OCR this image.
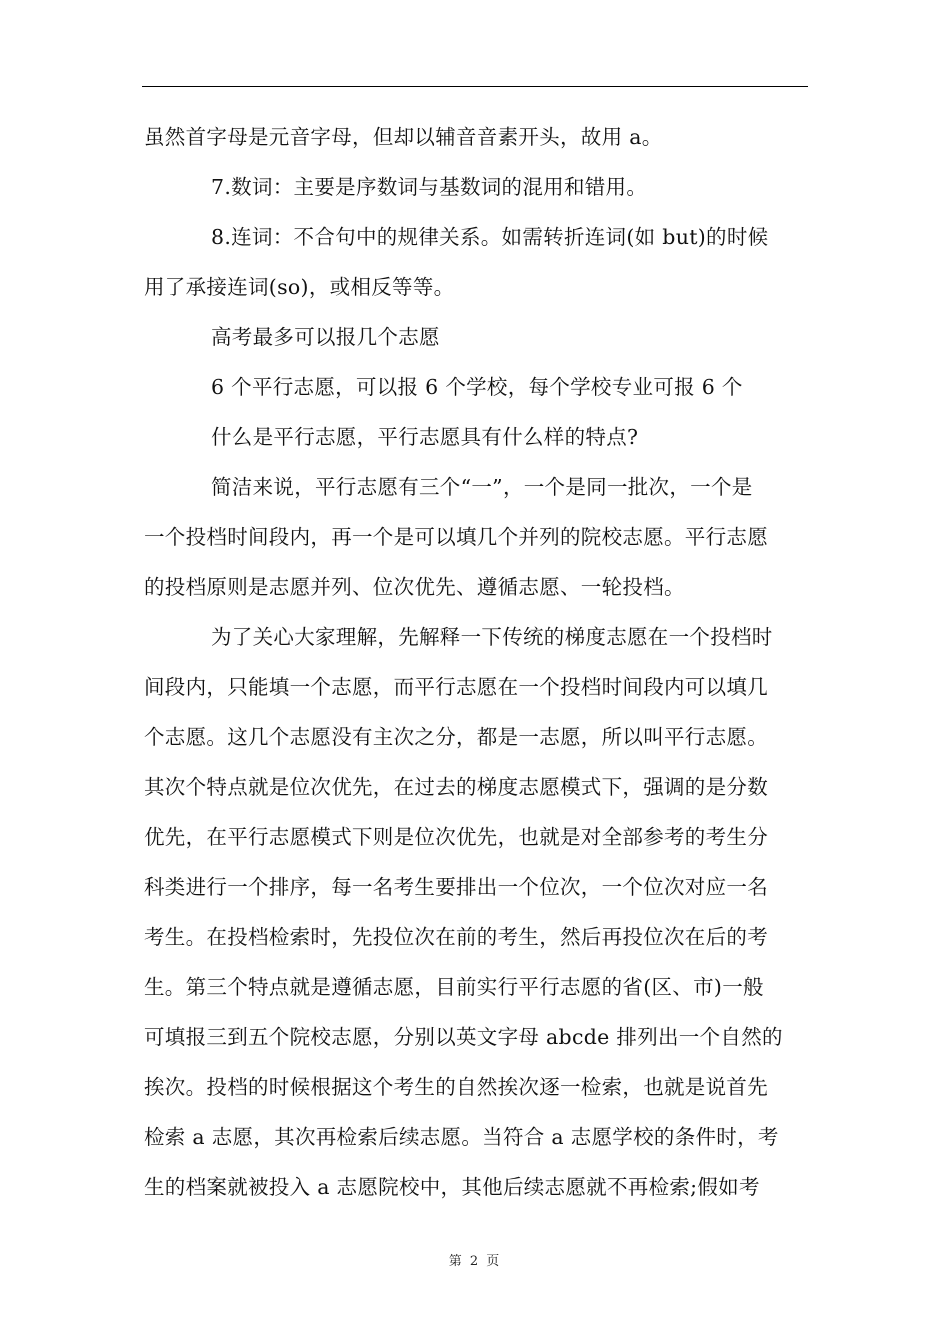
虽然首字母是元音字母，但却以辅音音素开头，故用 a。
7.数词：主要是序数词与基数词的混用和错用。
8.连词：不合句中的规律关系。如需转折连词(如 but)的时候
用了承接连词(so)，或相反等等。
高考最多可以报几个志愿
6 个平行志愿，可以报 6 个学校，每个学校专业可报 6 个
什么是平行志愿，平行志愿具有什么样的特点?
简洁来说，平行志愿有三个“一”，一个是同一批次，一个是
一个投档时间段内，再一个是可以填几个并列的院校志愿。平行志愿
的投档原则是志愿并列、位次优先、遵循志愿、一轮投档。
为了关心大家理解，先解释一下传统的梯度志愿在一个投档时
间段内，只能填一个志愿，而平行志愿在一个投档时间段内可以填几
个志愿。这几个志愿没有主次之分，都是一志愿，所以叫平行志愿。
其次个特点就是位次优先，在过去的梯度志愿模式下，强调的是分数
优先，在平行志愿模式下则是位次优先，也就是对全部参考的考生分
科类进行一个排序，每一名考生要排出一个位次，一个位次对应一名
考生。在投档检索时，先投位次在前的考生，然后再投位次在后的考
生。第三个特点就是遵循志愿，目前实行平行志愿的省(区、市)一般
可填报三到五个院校志愿，分别以英文字母 abcde 排列出一个自然的
挨次。投档的时候根据这个考生的自然挨次逐一检索，也就是说首先
检索 a 志愿，其次再检索后续志愿。当符合 a 志愿学校的条件时，考
生的档案就被投入 a 志愿院校中，其他后续志愿就不再检索;假如考
第 2 页
